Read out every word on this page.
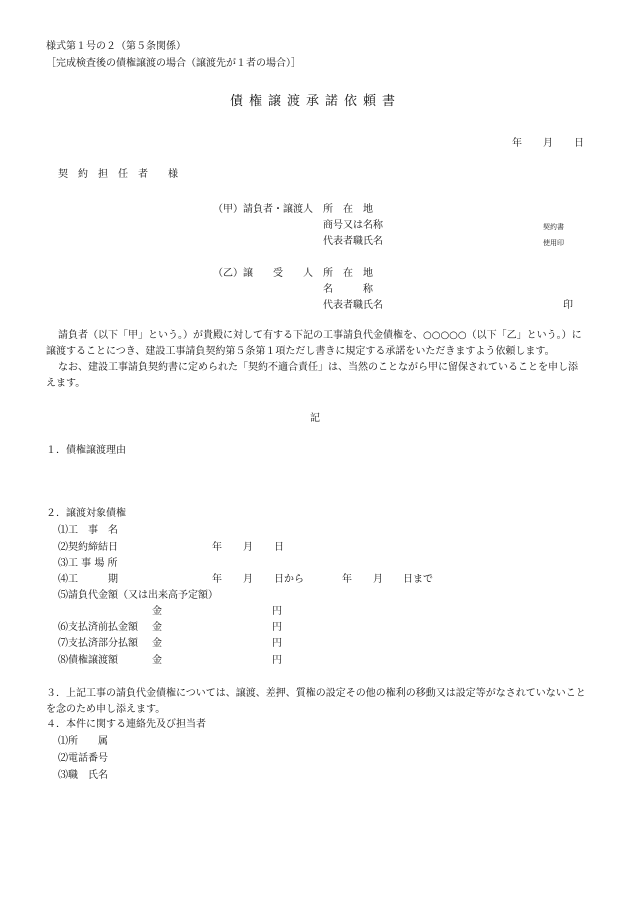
様式第１号の２（第５条関係）
［完成検査後の債権譲渡の場合（譲渡先が１者の場合）］
債権譲渡承諾依頼書
年 月 日
契　約　担　任　者　　様
（甲）請負者・譲渡人 所　在　地
商号又は名称
代表者職氏名
契約書
使用印
（乙）譲　　受　　人 所　在　地
名　　　称
代表者職氏名	印
請負者（以下「甲」という。）が貴殿に対して有する下記の工事請負代金債権を、○○○○○（以下「乙」という。）に譲渡することにつき、建設工事請負契約第５条第１項ただし書きに規定する承諾をいただきますよう依頼します。
なお、建設工事請負契約書に定められた「契約不適合責任」は、当然のことながら甲に留保されていることを申し添えます。
記
１．債権譲渡理由
２．譲渡対象債権
⑴工　事　名
⑵契約締結日	年 月 日
⑶工 事 場 所
⑷工　　　期	年 月 日から	年 月 日まで
⑸請負代金額（又は出来高予定額）
金	円
⑹支払済前払金額 金	円
⑺支払済部分払額 金	円
⑻債権譲渡額	金	円
３．上記工事の請負代金債権については、譲渡、差押、質権の設定その他の権利の移動又は設定等がなされていないことを念のため申し添えます。
４．本件に関する連絡先及び担当者
⑴所　　属
⑵電話番号
⑶職　氏名
